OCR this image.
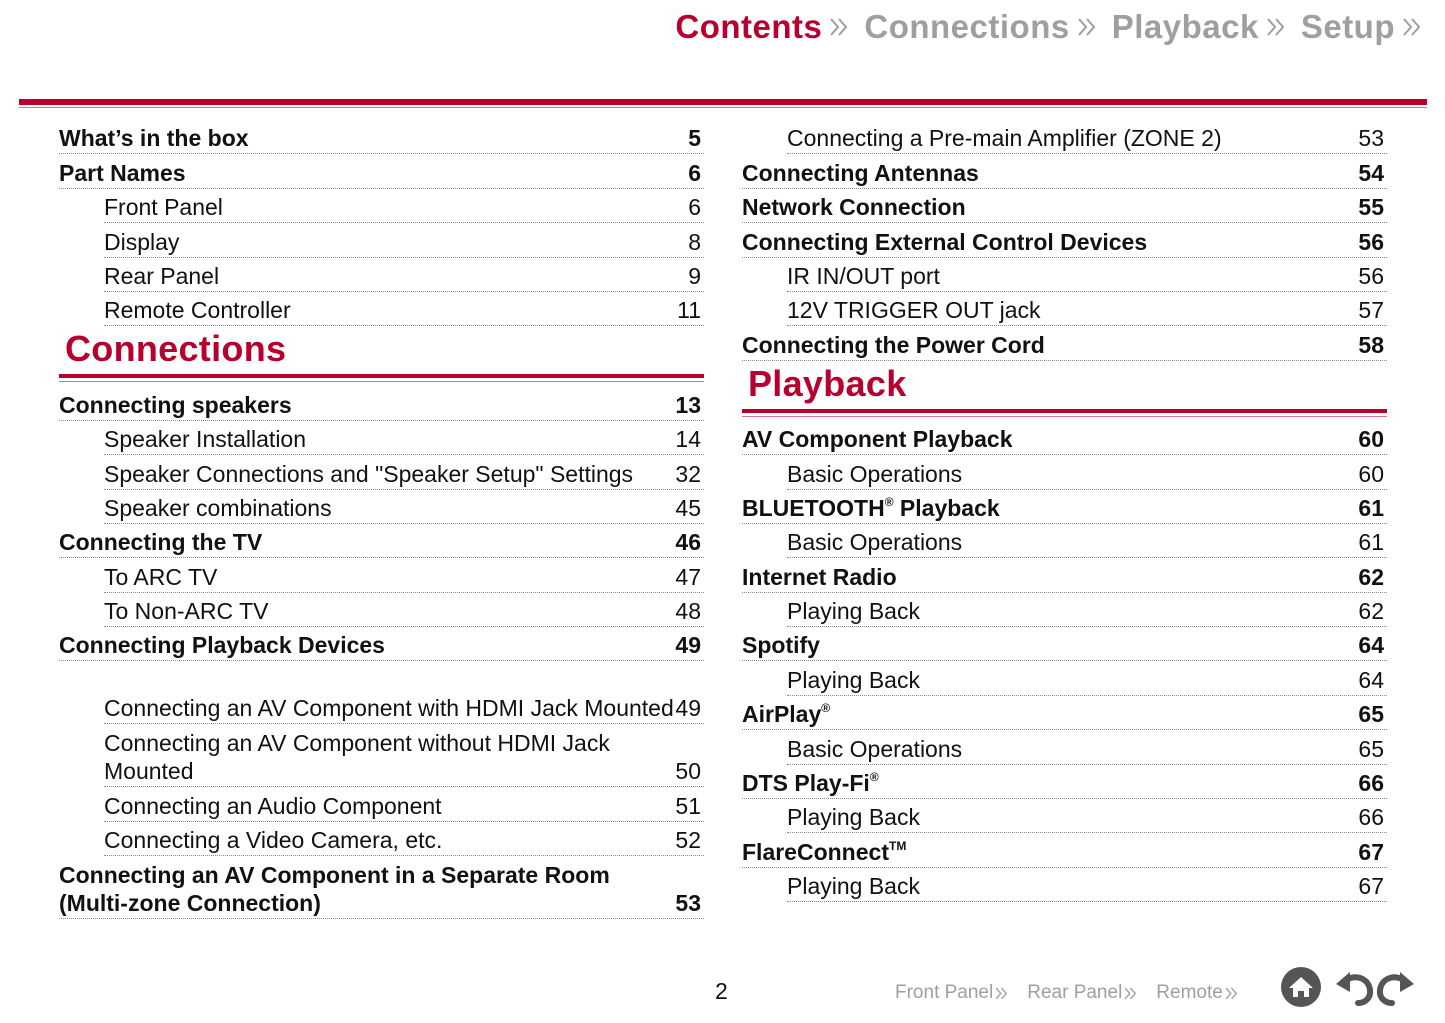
Contents Connections Playback Setup
What’s in the box	5
Part Names	6
Front Panel	6
Display	8
Rear Panel	9
Remote Controller	11
Connections
Connecting speakers	13
Speaker Installation	14
Speaker Connections and "Speaker Setup" Settings 32
Speaker combinations	45
Connecting the TV	46
To ARC TV	47
To Non-ARC TV	48
Connecting Playback Devices	49
Connecting an AV Component with HDMI Jack Mounted 49
Connecting an AV Component without HDMI Jack Mounted	50
Connecting an Audio Component	51
Connecting a Video Camera, etc.	52
Connecting an AV Component in a Separate Room (Multi-zone Connection)	53
Connecting a Pre-main Amplifier (ZONE 2)	53
Connecting Antennas	54
Network Connection	55
Connecting External Control Devices	56
IR IN/OUT port	56
12V TRIGGER OUT jack	57
Connecting the Power Cord	58
Playback
AV Component Playback	60
Basic Operations	60
BLUETOOTH® Playback	61
Basic Operations	61
Internet Radio	62
Playing Back	62
Spotify	64
Playing Back	64
AirPlay®	65
Basic Operations	65
DTS Play-Fi®	66
Playing Back	66
FlareConnect™	67
Playing Back	67
2	Front Panel Rear Panel Remote
